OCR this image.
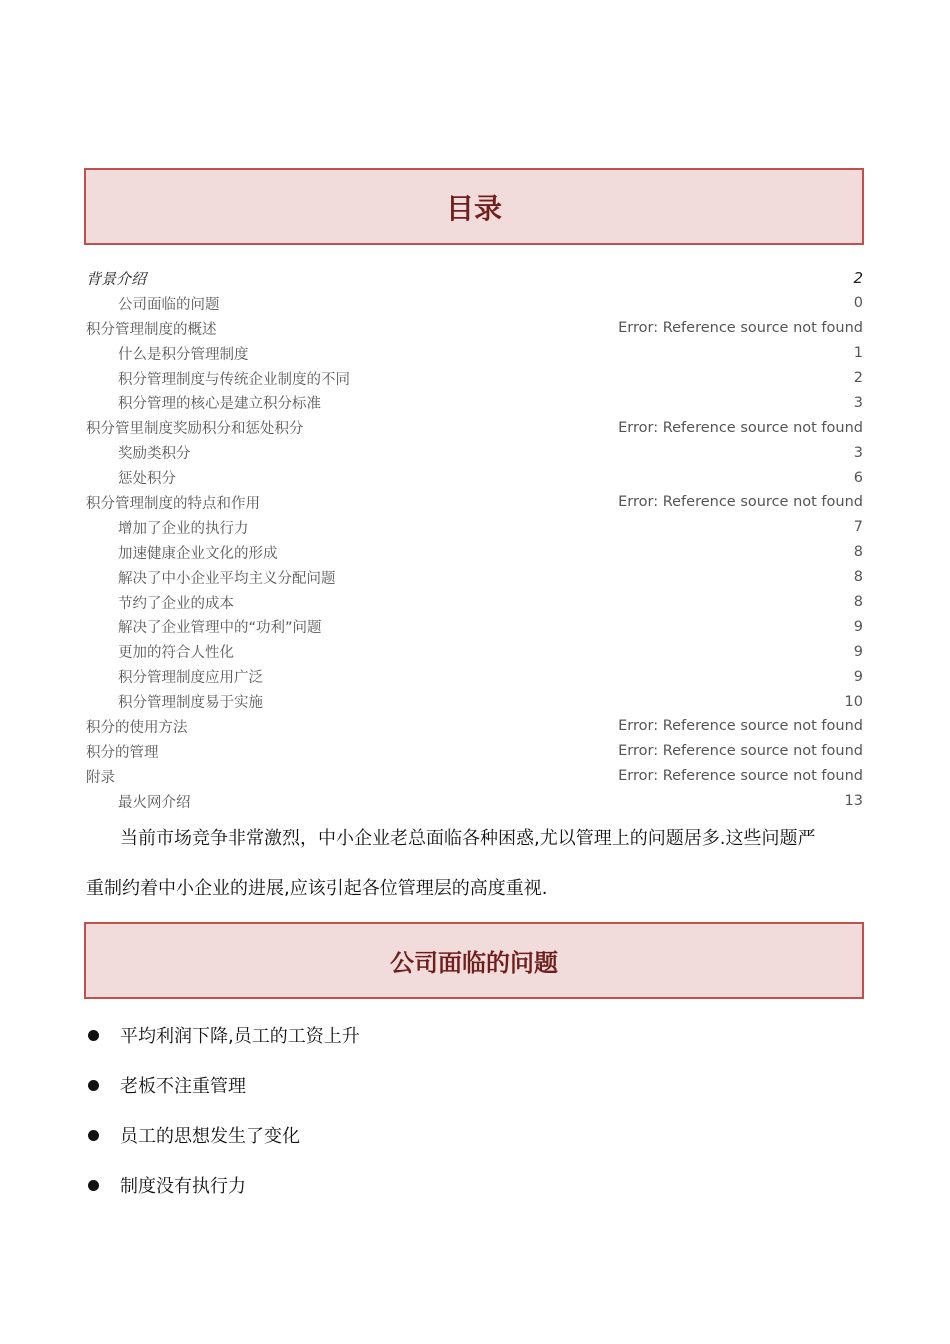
目录
背景介绍	2
公司面临的问题	0
积分管理制度的概述	Error: Reference source not found
什么是积分管理制度	1
积分管理制度与传统企业制度的不同	2
积分管理的核心是建立积分标准	3
积分管里制度奖励积分和惩处积分	Error: Reference source not found
奖励类积分	3
惩处积分	6
积分管理制度的特点和作用	Error: Reference source not found
增加了企业的执行力	7
加速健康企业文化的形成	8
解决了中小企业平均主义分配问题	8
节约了企业的成本	8
解决了企业管理中的“功利”问题	9
更加的符合人性化	9
积分管理制度应用广泛	9
积分管理制度易于实施	10
积分的使用方法	Error: Reference source not found
积分的管理	Error: Reference source not found
附录	Error: Reference source not found
最火网介绍	13
当前市场竞争非常激烈，中小企业老总面临各种困惑,尤以管理上的问题居多.这些问题严
重制约着中小企业的进展,应该引起各位管理层的高度重视.
公司面临的问题
平均利润下降,员工的工资上升
老板不注重管理
员工的思想发生了变化
制度没有执行力
